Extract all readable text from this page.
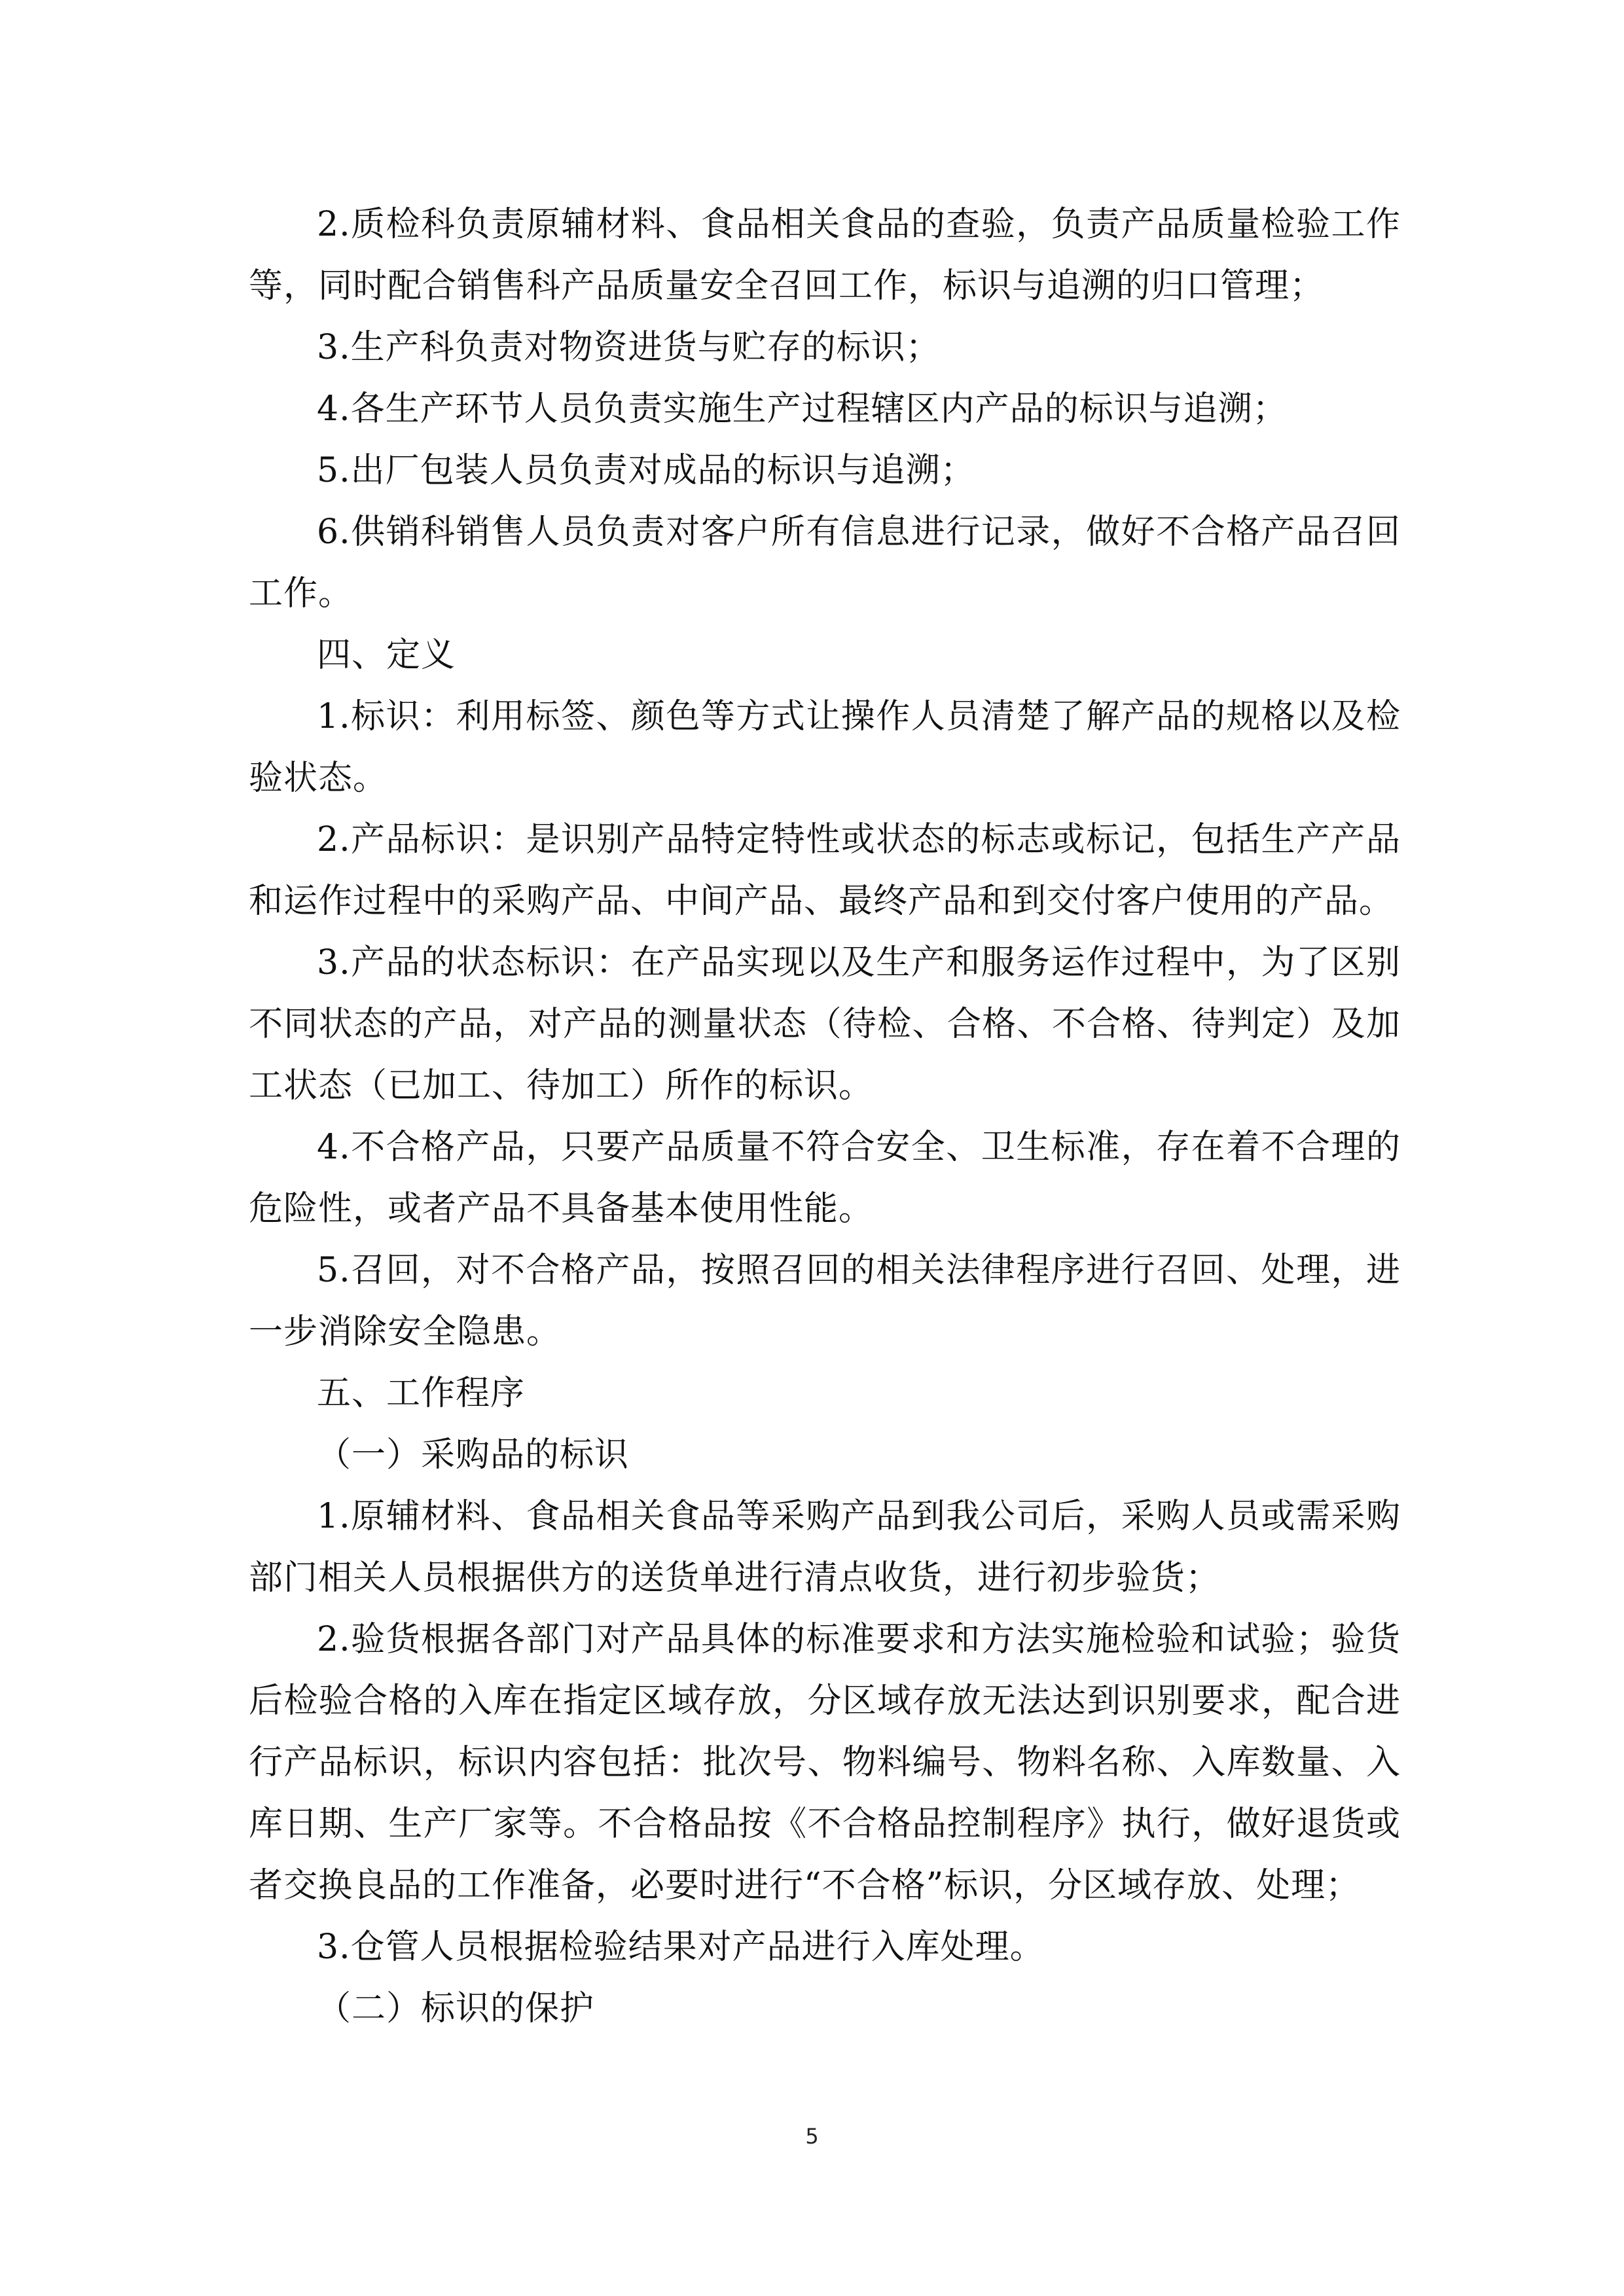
2.质检科负责原辅材料、食品相关食品的查验，负责产品质量检验工作等，同时配合销售科产品质量安全召回工作，标识与追溯的归口管理；

3.生产科负责对物资进货与贮存的标识；

4.各生产环节人员负责实施生产过程辖区内产品的标识与追溯；

5.出厂包装人员负责对成品的标识与追溯；

6.供销科销售人员负责对客户所有信息进行记录，做好不合格产品召回工作。

四、定义

1.标识：利用标签、颜色等方式让操作人员清楚了解产品的规格以及检验状态。

2.产品标识：是识别产品特定特性或状态的标志或标记，包括生产产品和运作过程中的采购产品、中间产品、最终产品和到交付客户使用的产品。

3.产品的状态标识：在产品实现以及生产和服务运作过程中，为了区别不同状态的产品，对产品的测量状态（待检、合格、不合格、待判定）及加工状态（已加工、待加工）所作的标识。

4.不合格产品，只要产品质量不符合安全、卫生标准，存在着不合理的危险性，或者产品不具备基本使用性能。

5.召回，对不合格产品，按照召回的相关法律程序进行召回、处理，进一步消除安全隐患。

五、工作程序

（一）采购品的标识

1.原辅材料、食品相关食品等采购产品到我公司后，采购人员或需采购部门相关人员根据供方的送货单进行清点收货，进行初步验货；

2.验货根据各部门对产品具体的标准要求和方法实施检验和试验；验货后检验合格的入库在指定区域存放，分区域存放无法达到识别要求，配合进行产品标识，标识内容包括：批次号、物料编号、物料名称、入库数量、入库日期、生产厂家等。不合格品按《不合格品控制程序》执行，做好退货或者交换良品的工作准备，必要时进行“不合格”标识，分区域存放、处理；

3.仓管人员根据检验结果对产品进行入库处理。

（二）标识的保护

5
